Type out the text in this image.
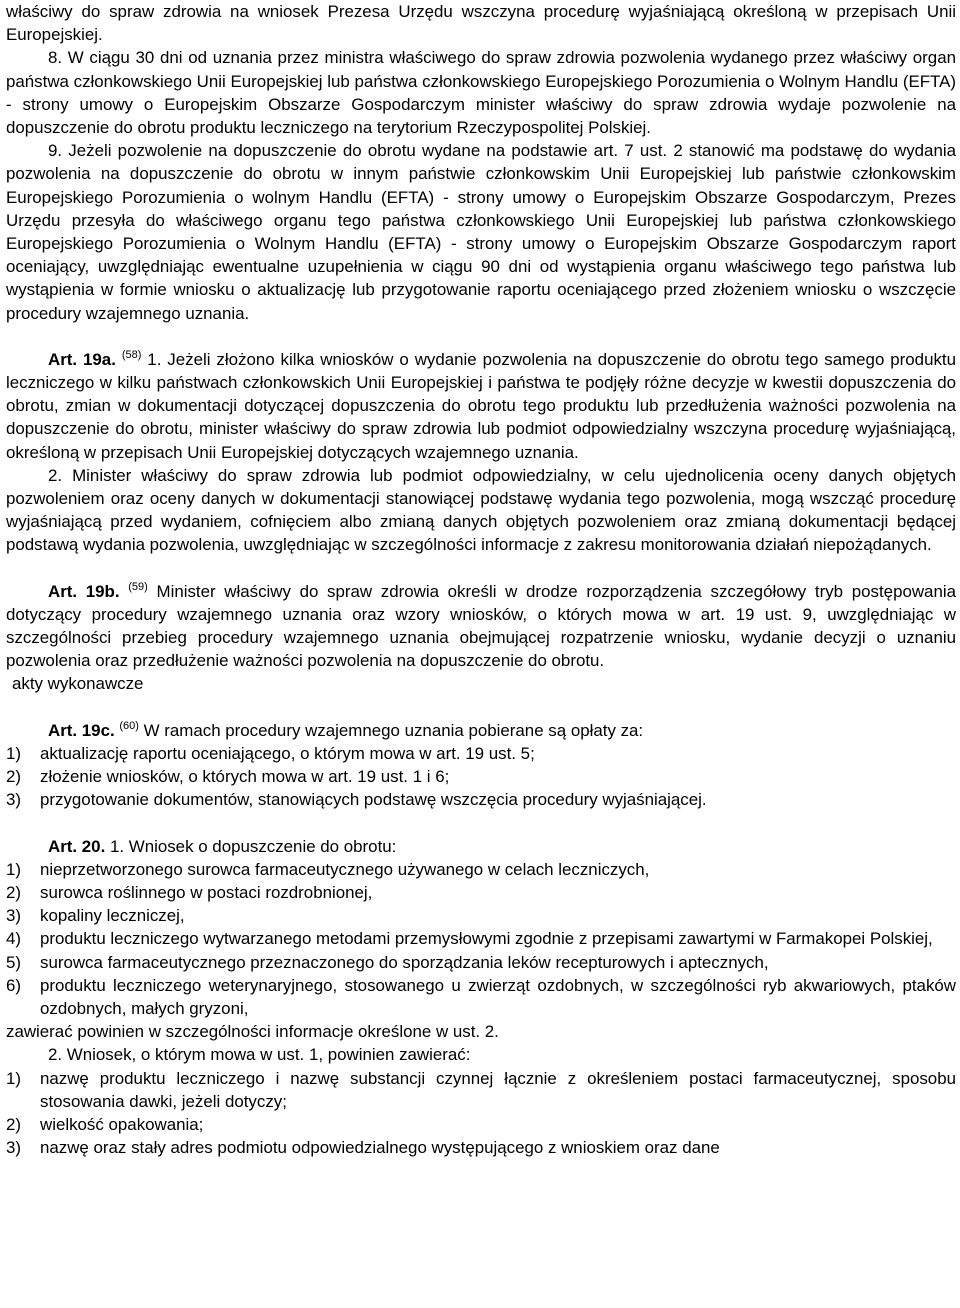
właściwy do spraw zdrowia na wniosek Prezesa Urzędu wszczyna procedurę wyjaśniającą określoną w przepisach Unii Europejskiej.

8. W ciągu 30 dni od uznania przez ministra właściwego do spraw zdrowia pozwolenia wydanego przez właściwy organ państwa członkowskiego Unii Europejskiej lub państwa członkowskiego Europejskiego Porozumienia o Wolnym Handlu (EFTA) - strony umowy o Europejskim Obszarze Gospodarczym minister właściwy do spraw zdrowia wydaje pozwolenie na dopuszczenie do obrotu produktu leczniczego na terytorium Rzeczypospolitej Polskiej.

9. Jeżeli pozwolenie na dopuszczenie do obrotu wydane na podstawie art. 7 ust. 2 stanowić ma podstawę do wydania pozwolenia na dopuszczenie do obrotu w innym państwie członkowskim Unii Europejskiej lub państwie członkowskim Europejskiego Porozumienia o wolnym Handlu (EFTA) - strony umowy o Europejskim Obszarze Gospodarczym, Prezes Urzędu przesyła do właściwego organu tego państwa członkowskiego Unii Europejskiej lub państwa członkowskiego Europejskiego Porozumienia o Wolnym Handlu (EFTA) - strony umowy o Europejskim Obszarze Gospodarczym raport oceniający, uwzględniając ewentualne uzupełnienia w ciągu 90 dni od wystąpienia organu właściwego tego państwa lub wystąpienia w formie wniosku o aktualizację lub przygotowanie raportu oceniającego przed złożeniem wniosku o wszczęcie procedury wzajemnego uznania.

Art. 19a. $^{(58)}$ 1. Jeżeli złożono kilka wniosków o wydanie pozwolenia na dopuszczenie do obrotu tego samego produktu leczniczego w kilku państwach członkowskich Unii Europejskiej i państwa te podjęły różne decyzje w kwestii dopuszczenia do obrotu, zmian w dokumentacji dotyczącej dopuszczenia do obrotu tego produktu lub przedłużenia ważności pozwolenia na dopuszczenie do obrotu, minister właściwy do spraw zdrowia lub podmiot odpowiedzialny wszczyna procedurę wyjaśniającą, określoną w przepisach Unii Europejskiej dotyczących wzajemnego uznania.

2. Minister właściwy do spraw zdrowia lub podmiot odpowiedzialny, w celu ujednolicenia oceny danych objętych pozwoleniem oraz oceny danych w dokumentacji stanowiącej podstawę wydania tego pozwolenia, mogą wszcząć procedurę wyjaśniającą przed wydaniem, cofnięciem albo zmianą danych objętych pozwoleniem oraz zmianą dokumentacji będącej podstawą wydania pozwolenia, uwzględniając w szczególności informacje z zakresu monitorowania działań niepożądanych.

Art. 19b. $^{(59)}$ Minister właściwy do spraw zdrowia określi w drodze rozporządzenia szczegółowy tryb postępowania dotyczący procedury wzajemnego uznania oraz wzory wniosków, o których mowa w art. 19 ust. 9, uwzględniając w szczególności przebieg procedury wzajemnego uznania obejmującej rozpatrzenie wniosku, wydanie decyzji o uznaniu pozwolenia oraz przedłużenie ważności pozwolenia na dopuszczenie do obrotu.

akty wykonawcze

Art. 19c. $^{(60)}$ W ramach procedury wzajemnego uznania pobierane są opłaty za:

1)	aktualizację raportu oceniającego, o którym mowa w art. 19 ust. 5;
2)	złożenie wniosków, o których mowa w art. 19 ust. 1 i 6;
3)	przygotowanie dokumentów, stanowiących podstawę wszczęcia procedury wyjaśniającej.

Art. 20. 1. Wniosek o dopuszczenie do obrotu:

1)	nieprzetworzonego surowca farmaceutycznego używanego w celach leczniczych,
2)	surowca roślinnego w postaci rozdrobnionej,
3)	kopaliny leczniczej,
4)	produktu leczniczego wytwarzanego metodami przemysłowymi zgodnie z przepisami zawartymi w Farmakopei Polskiej,
5)	surowca farmaceutycznego przeznaczonego do sporządzania leków recepturowych i aptecznych,
6)	produktu leczniczego weterynaryjnego, stosowanego u zwierząt ozdobnych, w szczególności ryb akwariowych, ptaków ozdobnych, małych gryzoni,

zawierać powinien w szczególności informacje określone w ust. 2.

2. Wniosek, o którym mowa w ust. 1, powinien zawierać:

1)	nazwę produktu leczniczego i nazwę substancji czynnej łącznie z określeniem postaci farmaceutycznej, sposobu stosowania dawki, jeżeli dotyczy;
2)	wielkość opakowania;
3)	nazwę oraz stały adres podmiotu odpowiedzialnego występującego z wnioskiem oraz dane
